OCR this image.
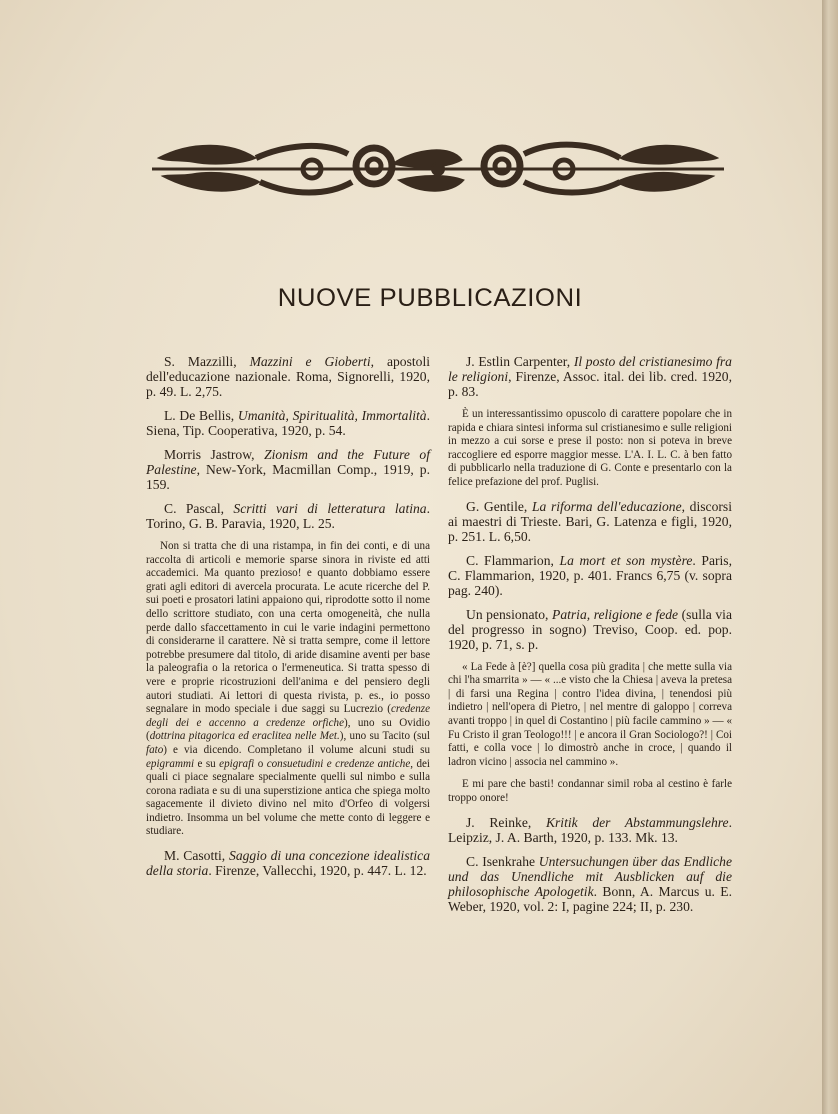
NUOVE PUBBLICAZIONI

S. Mazzilli, Mazzini e Gioberti, apostoli dell'educazione nazionale. Roma, Signorelli, 1920, p. 49. L. 2,75.

L. De Bellis, Umanità, Spiritualità, Immortalità. Siena, Tip. Cooperativa, 1920, p. 54.

Morris Jastrow, Zionism and the Future of Palestine, New-York, Macmillan Comp., 1919, p. 159.

C. Pascal, Scritti vari di letteratura latina. Torino, G. B. Paravia, 1920, L. 25.

Non si tratta che di una ristampa, in fin dei conti, e di una raccolta di articoli e memorie sparse sinora in riviste ed atti accademici. Ma quanto prezioso! e quanto dobbiamo essere grati agli editori di avercela procurata. Le acute ricerche del P. sui poeti e prosatori latini appaiono qui, riprodotte sotto il nome dello scrittore studiato, con una certa omogeneità, che nulla perde dallo sfaccettamento in cui le varie indagini permettono di considerarne il carattere. Nè si tratta sempre, come il lettore potrebbe presumere dal titolo, di aride disamine aventi per base la paleografia o la retorica o l'ermeneutica. Si tratta spesso di vere e proprie ricostruzioni dell'anima e del pensiero degli autori studiati. Ai lettori di questa rivista, p. es., io posso segnalare in modo speciale i due saggi su Lucrezio (credenze degli dei e accenno a credenze orfiche), uno su Ovidio (dottrina pitagorica ed eraclitea nelle Met.), uno su Tacito (sul fato) e via dicendo. Completano il volume alcuni studi su epigrammi e su epigrafi o consuetudini e credenze antiche, dei quali ci piace segnalare specialmente quelli sul nimbo e sulla corona radiata e su di una superstizione antica che spiega molto sagacemente il divieto divino nel mito d'Orfeo di volgersi indietro. Insomma un bel volume che mette conto di leggere e studiare.

M. Casotti, Saggio di una concezione idealistica della storia. Firenze, Vallecchi, 1920, p. 447. L. 12.

J. Estlin Carpenter, Il posto del cristianesimo fra le religioni, Firenze, Assoc. ital. dei lib. cred. 1920, p. 83.

È un interessantissimo opuscolo di carattere popolare che in rapida e chiara sintesi informa sul cristianesimo e sulle religioni in mezzo a cui sorse e prese il posto: non si poteva in breve raccogliere ed esporre maggior messe. L'A. I. L. C. à ben fatto di pubblicarlo nella traduzione di G. Conte e presentarlo con la felice prefazione del prof. Puglisi.

G. Gentile, La riforma dell'educazione, discorsi ai maestri di Trieste. Bari, G. Latenza e figli, 1920, p. 251. L. 6,50.

C. Flammarion, La mort et son mystère. Paris, C. Flammarion, 1920, p. 401. Francs 6,75 (v. sopra pag. 240).

Un pensionato, Patria, religione e fede (sulla via del progresso in sogno) Treviso, Coop. ed. pop. 1920, p. 71, s. p.

« La Fede à [è?] quella cosa più gradita | che mette sulla via chi l'ha smarrita » — « ...e visto che la Chiesa | aveva la pretesa | di farsi una Regina | contro l'idea divina, | tenendosi più indietro | nell'opera di Pietro, | nel mentre di galoppo | correva avanti troppo | in quel di Costantino | più facile cammino » — « Fu Cristo il gran Teologo!!! | e ancora il Gran Sociologo?! | Coi fatti, e colla voce | lo dimostrò anche in croce, | quando il ladron vicino | associa nel cammino ».

E mi pare che basti! condannar simil roba al cestino è farle troppo onore!

J. Reinke, Kritik der Abstammungslehre. Leipziz, J. A. Barth, 1920, p. 133. Mk. 13.

C. Isenkrahe Untersuchungen über das Endliche und das Unendliche mit Ausblicken auf die philosophische Apologetik. Bonn, A. Marcus u. E. Weber, 1920, vol. 2: I, pagine 224; II, p. 230.
